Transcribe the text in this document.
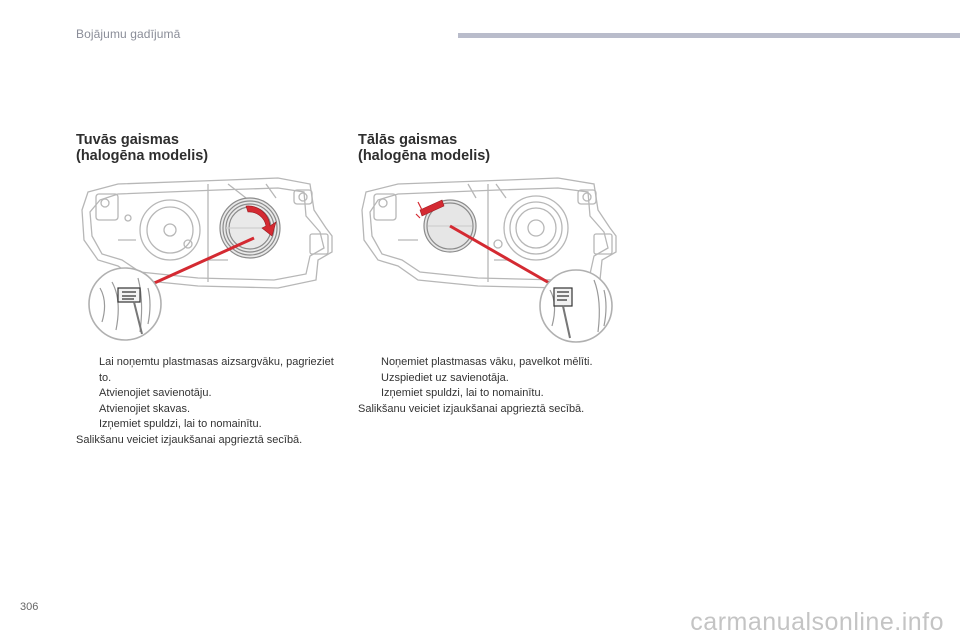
Bojājumu gadījumā
Tuvās gaismas
(halogēna modelis)
Lai noņemtu plastmasas aizsargvāku, pagrieziet to.
Atvienojiet savienotāju.
Atvienojiet skavas.
Izņemiet spuldzi, lai to nomainītu.
Salikšanu veiciet izjaukšanai apgrieztā secībā.
Tālās gaismas
(halogēna modelis)
Noņemiet plastmasas vāku, pavelkot mēlīti.
Uzspiediet uz savienotāja.
Izņemiet spuldzi, lai to nomainītu.
Salikšanu veiciet izjaukšanai apgrieztā secībā.
306
carmanualsonline.info
